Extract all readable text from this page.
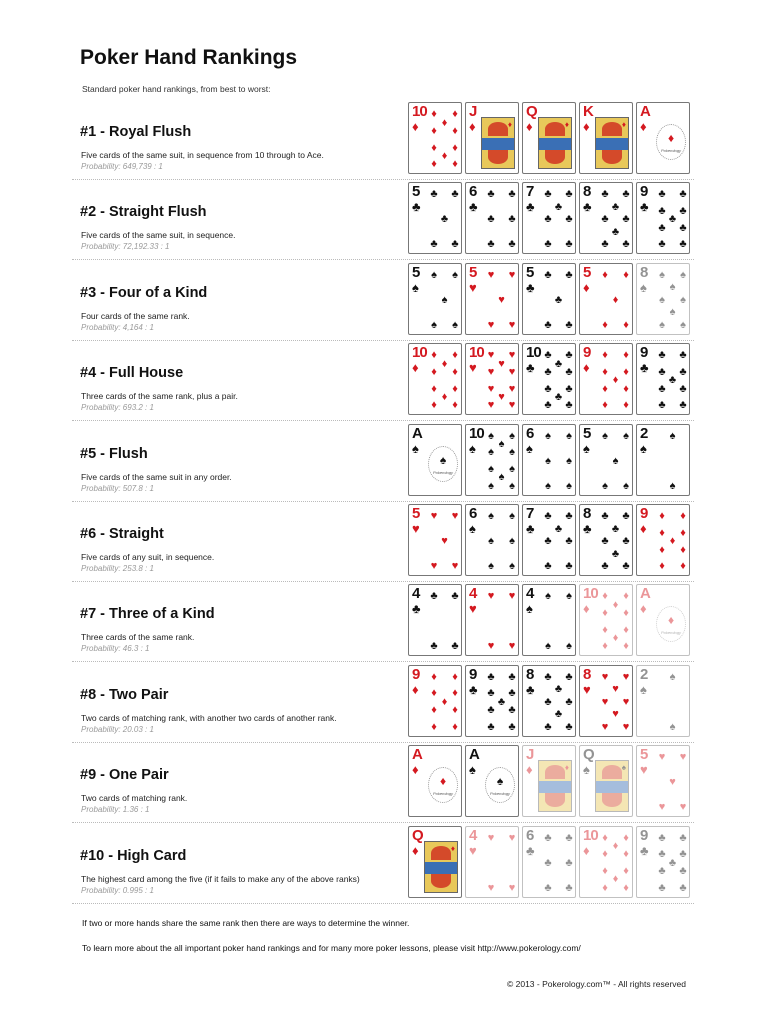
Poker Hand Rankings
Standard poker hand rankings, from best to worst:
#1 - Royal Flush
Five cards of the same suit, in sequence from 10 through to Ace.
Probability: 649,739 : 1
10
♦
♦ ♦
♦
♦ ♦
♦ ♦
♦
♦ ♦
J
♦	♦
Q
♦	♦
K
♦	♦
A
♦
♦
Pokerology
#2 - Straight Flush
Five cards of the same suit, in sequence.
Probability: 72,192.33 : 1
5
♣
♣ ♣
♣
♣ ♣
6
♣
♣ ♣
♣ ♣
♣ ♣
7
♣
♣ ♣
♣
♣ ♣
♣ ♣
8
♣
♣ ♣
♣
♣ ♣
♣
♣ ♣
9
♣
♣ ♣
♣ ♣
♣
♣ ♣
♣ ♣
#3 - Four of a Kind
Four cards of the same rank.
Probability: 4,164 : 1
5
♠
♠ ♠
♠
♠ ♠
5
♥
♥ ♥
♥
♥ ♥
5
♣
♣ ♣
♣
♣ ♣
5
♦
♦ ♦
♦
♦ ♦
8
♠
♠ ♠
♠
♠ ♠
♠
♠ ♠
#4 - Full House
Three cards of the same rank, plus a pair.
Probability: 693.2 : 1
10
♦
♦ ♦
♦
♦ ♦
♦ ♦
♦
♦ ♦
10
♥
♥ ♥
♥
♥ ♥
♥ ♥
♥
♥ ♥
10
♣
♣ ♣
♣
♣ ♣
♣ ♣
♣
♣ ♣
9
♦
♦ ♦
♦ ♦
♦
♦ ♦
♦ ♦
9
♣
♣ ♣
♣ ♣
♣
♣ ♣
♣ ♣
#5 - Flush
Five cards of the same suit in any order.
Probability: 507.8 : 1
A
♠
♠
Pokerology
10
♠
♠ ♠
♠
♠ ♠
♠ ♠
♠
♠ ♠
6
♠
♠ ♠
♠ ♠
♠ ♠
5
♠
♠ ♠
♠
♠ ♠
2
♠
♠
♠
#6 - Straight
Five cards of any suit, in sequence.
Probability: 253.8 : 1
5
♥
♥ ♥
♥
♥ ♥
6
♠
♠ ♠
♠ ♠
♠ ♠
7
♣
♣ ♣
♣
♣ ♣
♣ ♣
8
♣
♣ ♣
♣
♣ ♣
♣
♣ ♣
9
♦
♦ ♦
♦ ♦
♦
♦ ♦
♦ ♦
#7 - Three of a Kind
Three cards of the same rank.
Probability: 46.3 : 1
4
♣
♣ ♣
♣ ♣
4
♥
♥ ♥
♥ ♥
4
♠
♠ ♠
♠ ♠
10
♦
♦ ♦
♦
♦ ♦
♦ ♦
♦
♦ ♦
A
♦
♦
Pokerology
#8 - Two Pair
Two cards of matching rank, with another two cards of another rank.
Probability: 20.03 : 1
9
♦
♦ ♦
♦ ♦
♦
♦ ♦
♦ ♦
9
♣
♣ ♣
♣ ♣
♣
♣ ♣
♣ ♣
8
♣
♣ ♣
♣
♣ ♣
♣
♣ ♣
8
♥
♥ ♥
♥
♥ ♥
♥
♥ ♥
2
♠
♠
♠
#9 - One Pair
Two cards of matching rank.
Probability: 1.36 : 1
A
♦
♦
Pokerology
A
♠
♠
Pokerology
J
♦	♦
Q
♠	♠
5
♥
♥ ♥
♥
♥ ♥
#10 - High Card
The highest card among the five (if it fails to make any of the above ranks)
Probability: 0.995 : 1
Q
♦	♦
4
♥
♥ ♥
♥ ♥
6
♣
♣ ♣
♣ ♣
♣ ♣
10
♦
♦ ♦
♦
♦ ♦
♦ ♦
♦
♦ ♦
9
♣
♣ ♣
♣ ♣
♣
♣ ♣
♣ ♣
If two or more hands share the same rank then there are ways to determine the winner.
To learn more about the all important poker hand rankings and for many more poker lessons, please visit http://www.pokerology.com/
© 2013 - Pokerology.com™ - All rights reserved
